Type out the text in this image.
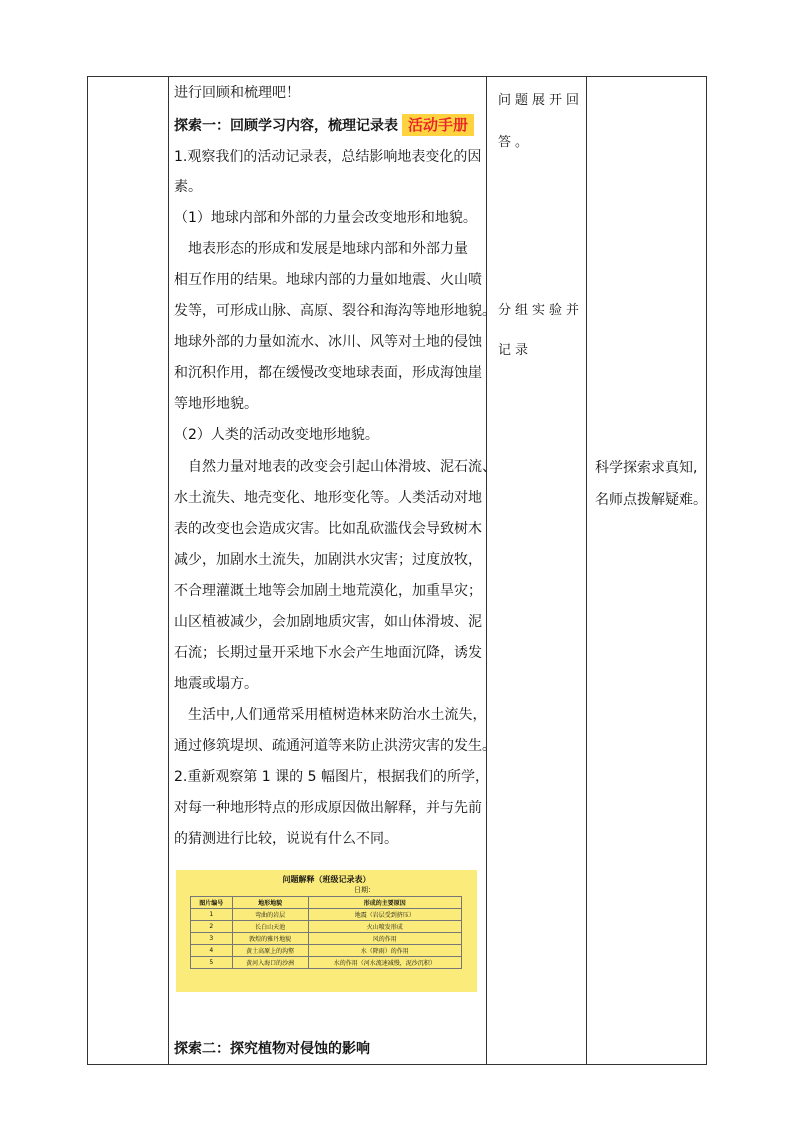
进行回顾和梳理吧！
探索一：回顾学习内容，梳理记录表 活动手册
1.观察我们的活动记录表，总结影响地表变化的因
素。
（1）地球内部和外部的力量会改变地形和地貌。
地表形态的形成和发展是地球内部和外部力量
相互作用的结果。地球内部的力量如地震、火山喷
发等，可形成山脉、高原、裂谷和海沟等地形地貌。
地球外部的力量如流水、冰川、风等对土地的侵蚀
和沉积作用，都在缓慢改变地球表面，形成海蚀崖
等地形地貌。
（2）人类的活动改变地形地貌。
自然力量对地表的改变会引起山体滑坡、泥石流、
水土流失、地壳变化、地形变化等。人类活动对地
表的改变也会造成灾害。比如乱砍滥伐会导致树木
减少，加剧水土流失，加剧洪水灾害；过度放牧，
不合理灌溉土地等会加剧土地荒漠化，加重旱灾；
山区植被减少，会加剧地质灾害，如山体滑坡、泥
石流；长期过量开采地下水会产生地面沉降，诱发
地震或塌方。
生活中,人们通常采用植树造林来防治水土流失，
通过修筑堤坝、疏通河道等来防止洪涝灾害的发生。
2.重新观察第 1 课的 5 幅图片，根据我们的所学，
对每一种地形特点的形成原因做出解释，并与先前
的猜测进行比较，说说有什么不同。
问题解释（班级记录表）
日期：
图片编号	地形地貌	形成的主要原因
1	弯曲的岩层	地震（岩层受到挤压）
2	长白山天池	火山喷发形成
3	敦煌的雅丹地貌	风的作用
4	黄土高原上的沟壑	水（降雨）的作用
5	黄河入海口的沙洲	水的作用（河水流速减慢，泥沙沉积）
探索二：探究植物对侵蚀的影响
问题展开回
答。
分组实验并
记录
科学探索求真知,
名师点拨解疑难。
